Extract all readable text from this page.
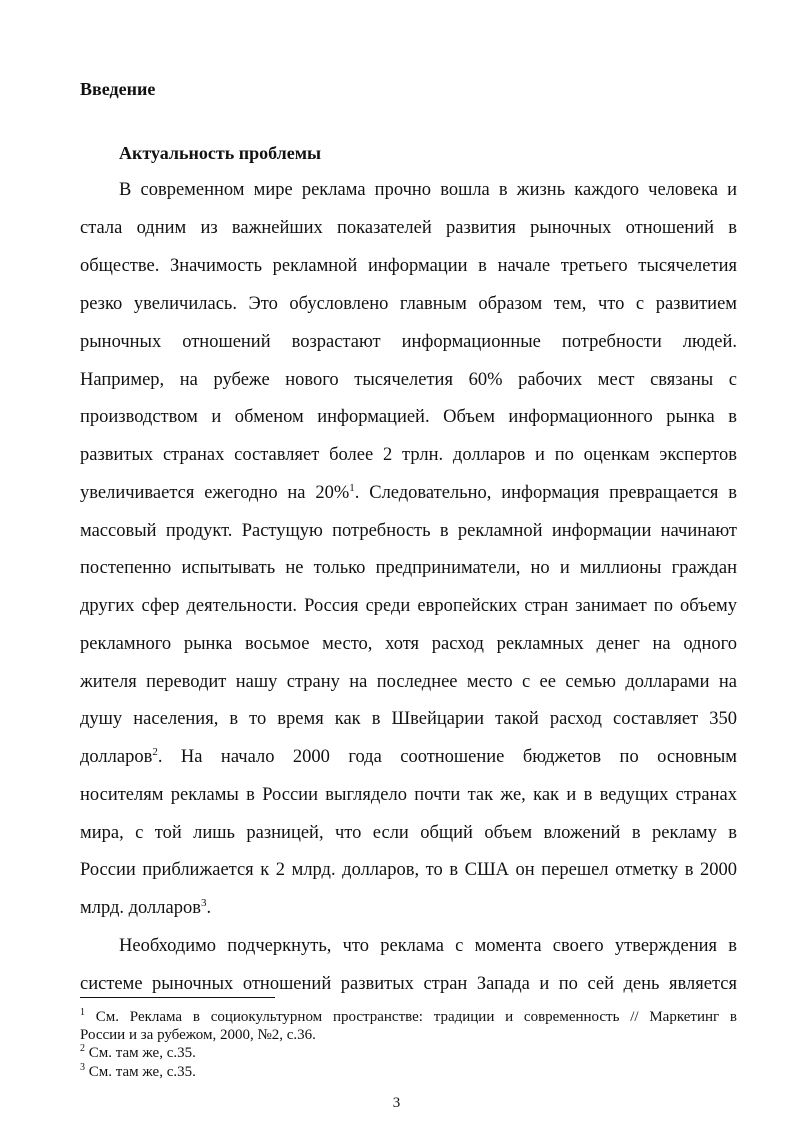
Введение
Актуальность проблемы

В современном мире реклама прочно вошла в жизнь каждого человека и

стала одним из важнейших показателей развития рыночных отношений в

обществе. Значимость рекламной информации в начале третьего тысячелетия

резко увеличилась. Это обусловлено главным образом тем, что с развитием

рыночных отношений возрастают информационные потребности людей.

Например, на рубеже нового тысячелетия 60% рабочих мест связаны с

производством и обменом информацией. Объем информационного рынка в

развитых странах составляет более 2 трлн. долларов и по оценкам экспертов

увеличивается ежегодно на 20%$^1$. Следовательно, информация превращается в

массовый продукт. Растущую потребность в рекламной информации начинают

постепенно испытывать не только предприниматели, но и миллионы граждан

других сфер деятельности. Россия среди европейских стран занимает по объему

рекламного рынка восьмое место, хотя расход рекламных денег на одного

жителя переводит нашу страну на последнее место с ее семью долларами на

душу населения, в то время как в Швейцарии такой расход составляет 350

долларов$^2$. На начало 2000 года соотношение бюджетов по основным

носителям рекламы в России выглядело почти так же, как и в ведущих странах

мира, с той лишь разницей, что если общий объем вложений в рекламу в

России приближается к 2 млрд. долларов, то в США он перешел отметку в 2000

млрд. долларов$^3$.

Необходимо подчеркнуть, что реклама с момента своего утверждения в

системе рыночных отношений развитых стран Запада и по сей день является

$^1$ См. Реклама в социокультурном пространстве: традиции и современность // Маркетинг в

России и за рубежом, 2000, №2, с.36.

$^2$ См. там же, с.35.

$^3$ См. там же, с.35.

3
